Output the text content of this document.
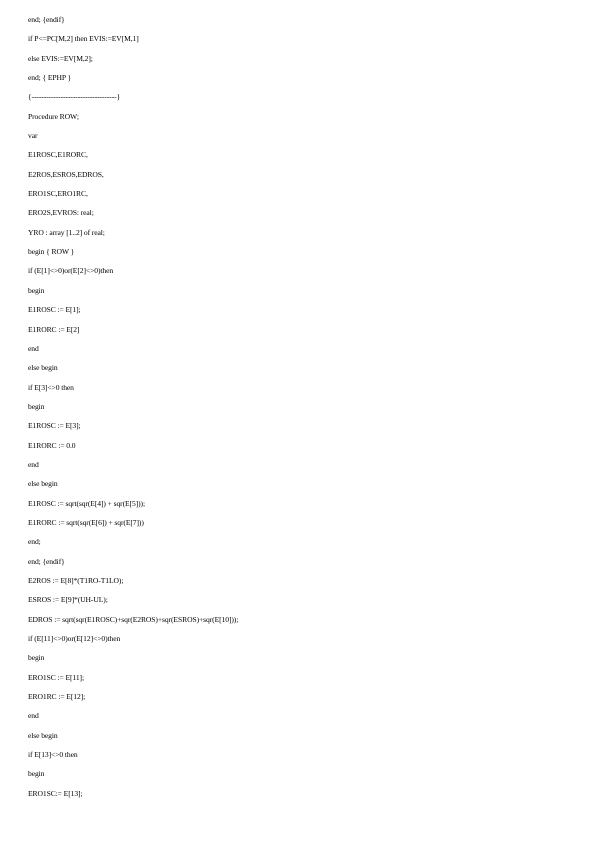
end; {endif}
if P<=PC[M,2] then EVIS:=EV[M,1]
else EVIS:=EV[M,2];
end; { EPHP }
{-----------------------------------}
Procedure ROW;
var
E1ROSC,E1RORC,
E2ROS,ESROS,EDROS,
ERO1SC,ERO1RC,
ERO2S,EVROS: real;
YRO : array [1..2] of real;
begin { ROW }
if (E[1]<>0)or(E[2]<>0)then
begin
E1ROSC := E[1];
E1RORC := E[2]
end
else begin
if E[3]<>0 then
begin
E1ROSC := E[3];
E1RORC := 0.0
end
else begin
E1ROSC := sqrt(sqr(E[4]) + sqr(E[5]));
E1RORC := sqrt(sqr(E[6]) + sqr(E[7]))
end;
end; {endif}
E2ROS := E[8]*(T1RO-T1LO);
ESROS := E[9]*(UH-UL);
EDROS := sqrt(sqr(E1ROSC)+sqr(E2ROS)+sqr(ESROS)+sqr(E[10]));
if (E[11]<>0)or(E[12]<>0)then
begin
ERO1SC := E[11];
ERO1RC := E[12];
end
else begin
if E[13]<>0 then
begin
ERO1SC:= E[13];
